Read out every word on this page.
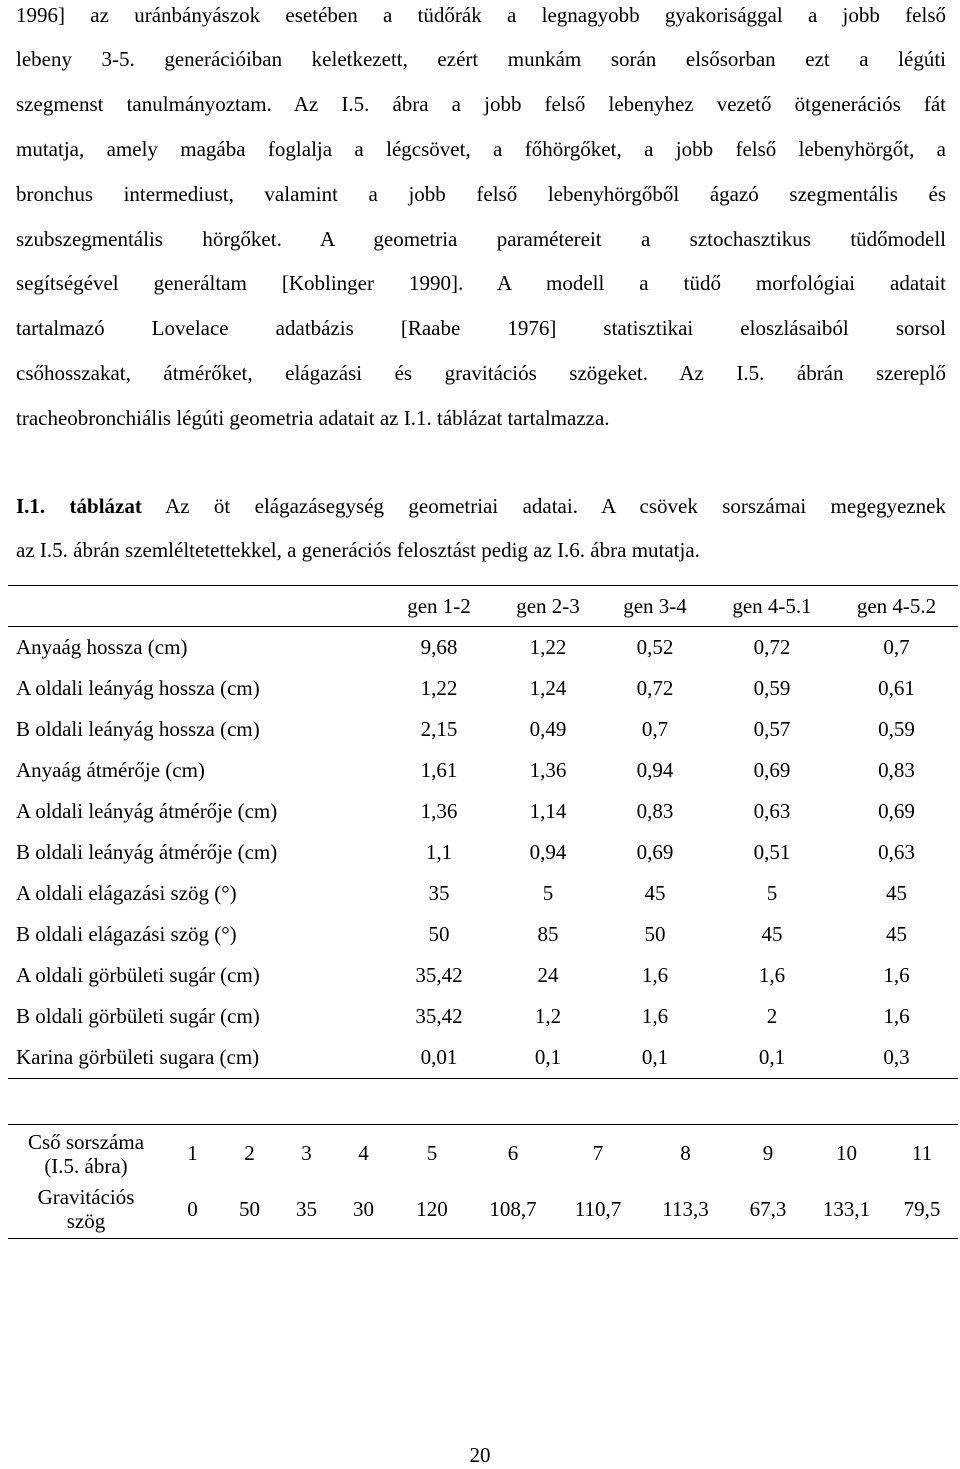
1996] az uránbányászok esetében a tüdőrák a legnagyobb gyakorisággal a jobb felső
lebeny 3-5. generációiban keletkezett, ezért munkám során elsősorban ezt a légúti
szegmenst tanulmányoztam. Az I.5. ábra a jobb felső lebenyhez vezető ötgenerációs fát
mutatja, amely magába foglalja a légcsövet, a főhörgőket, a jobb felső lebenyhörgőt, a
bronchus intermediust, valamint a jobb felső lebenyhörgőből ágazó szegmentális és
szubszegmentális hörgőket. A geometria paramétereit a sztochasztikus tüdőmodell
segítségével generáltam [Koblinger 1990]. A modell a tüdő morfológiai adatait
tartalmazó Lovelace adatbázis [Raabe 1976] statisztikai eloszlásaiból sorsol
csőhosszakat, átmérőket, elágazási és gravitációs szögeket. Az I.5. ábrán szereplő
tracheobronchiális légúti geometria adatait az I.1. táblázat tartalmazza.
I.1. táblázat Az öt elágazásegység geometriai adatai. A csövek sorszámai megegyeznek
az I.5. ábrán szemléltetettekkel, a generációs felosztást pedig az I.6. ábra mutatja.
	gen 1-2	gen 2-3	gen 3-4	gen 4-5.1	gen 4-5.2
Anyaág hossza (cm)	9,68	1,22	0,52	0,72	0,7
A oldali leányág hossza (cm)	1,22	1,24	0,72	0,59	0,61
B oldali leányág hossza (cm)	2,15	0,49	0,7	0,57	0,59
Anyaág átmérője (cm)	1,61	1,36	0,94	0,69	0,83
A oldali leányág átmérője (cm)	1,36	1,14	0,83	0,63	0,69
B oldali leányág átmérője (cm)	1,1	0,94	0,69	0,51	0,63
A oldali elágazási szög (°)	35	5	45	5	45
B oldali elágazási szög (°)	50	85	50	45	45
A oldali görbületi sugár (cm)	35,42	24	1,6	1,6	1,6
B oldali görbületi sugár (cm)	35,42	1,2	1,6	2	1,6
Karina görbületi sugara (cm)	0,01	0,1	0,1	0,1	0,3
Cső sorszáma
(I.5. ábra)	1	2	3	4	5	6	7	8	9	10	11
Gravitációs
szög	0	50	35	30	120	108,7	110,7	113,3	67,3	133,1	79,5
20
